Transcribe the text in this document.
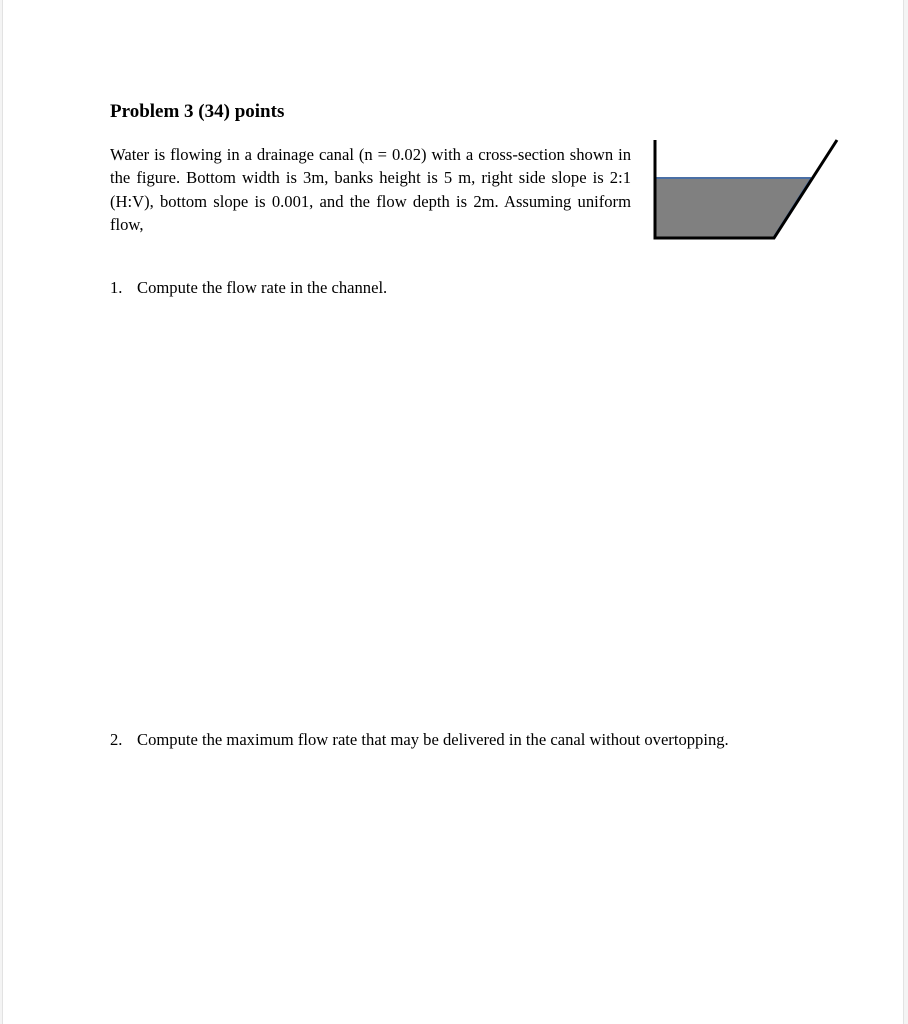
Problem 3 (34) points

Water is flowing in a drainage canal (n = 0.02) with a cross-section shown in the figure. Bottom width is 3m, banks height is 5 m, right side slope is 2:1 (H:V), bottom slope is 0.001, and the flow depth is 2m. Assuming uniform flow,

1. Compute the flow rate in the channel.

2. Compute the maximum flow rate that may be delivered in the canal without overtopping.
